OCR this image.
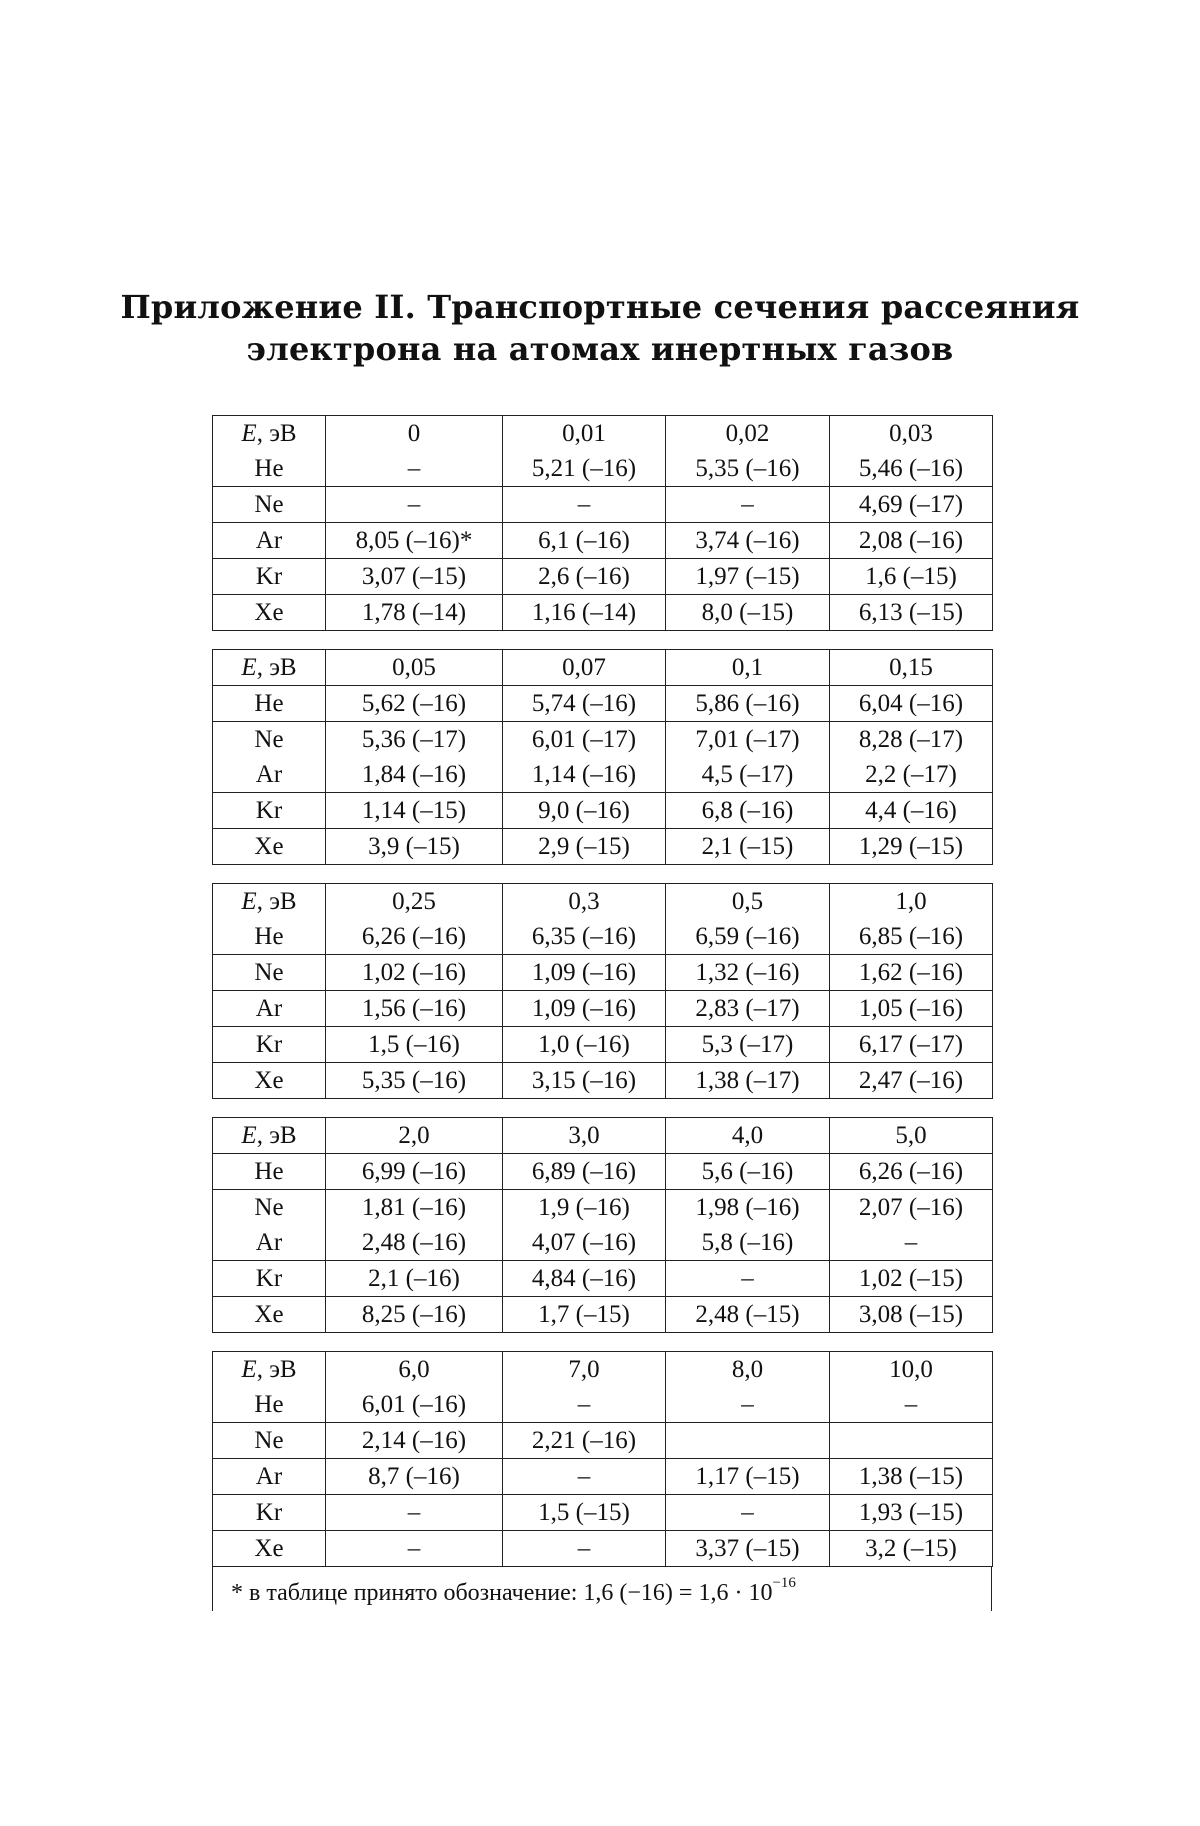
Приложение II. Транспортные сечения рассеяния
электрона на атомах инертных газов
E, эВ	0	0,01	0,02	0,03
He	–	5,21 (–16)	5,35 (–16)	5,46 (–16)
Ne	–	–	–	4,69 (–17)
Ar	8,05 (–16)*	6,1 (–16)	3,74 (–16)	2,08 (–16)
Kr	3,07 (–15)	2,6 (–16)	1,97 (–15)	1,6 (–15)
Xe	1,78 (–14)	1,16 (–14)	8,0 (–15)	6,13 (–15)
E, эВ	0,05	0,07	0,1	0,15
He	5,62 (–16)	5,74 (–16)	5,86 (–16)	6,04 (–16)
Ne	5,36 (–17)	6,01 (–17)	7,01 (–17)	8,28 (–17)
Ar	1,84 (–16)	1,14 (–16)	4,5 (–17)	2,2 (–17)
Kr	1,14 (–15)	9,0 (–16)	6,8 (–16)	4,4 (–16)
Xe	3,9 (–15)	2,9 (–15)	2,1 (–15)	1,29 (–15)
E, эВ	0,25	0,3	0,5	1,0
He	6,26 (–16)	6,35 (–16)	6,59 (–16)	6,85 (–16)
Ne	1,02 (–16)	1,09 (–16)	1,32 (–16)	1,62 (–16)
Ar	1,56 (–16)	1,09 (–16)	2,83 (–17)	1,05 (–16)
Kr	1,5 (–16)	1,0 (–16)	5,3 (–17)	6,17 (–17)
Xe	5,35 (–16)	3,15 (–16)	1,38 (–17)	2,47 (–16)
E, эВ	2,0	3,0	4,0	5,0
He	6,99 (–16)	6,89 (–16)	5,6 (–16)	6,26 (–16)
Ne	1,81 (–16)	1,9 (–16)	1,98 (–16)	2,07 (–16)
Ar	2,48 (–16)	4,07 (–16)	5,8 (–16)	–
Kr	2,1 (–16)	4,84 (–16)	–	1,02 (–15)
Xe	8,25 (–16)	1,7 (–15)	2,48 (–15)	3,08 (–15)
E, эВ	6,0	7,0	8,0	10,0
He	6,01 (–16)	–	–	–
Ne	2,14 (–16)	2,21 (–16)		
Ar	8,7 (–16)	–	1,17 (–15)	1,38 (–15)
Kr	–	1,5 (–15)	–	1,93 (–15)
Xe	–	–	3,37 (–15)	3,2 (–15)
* в таблице принято обозначение: 1,6 $(-16) = 1,6 \cdot 10^{-16}$
